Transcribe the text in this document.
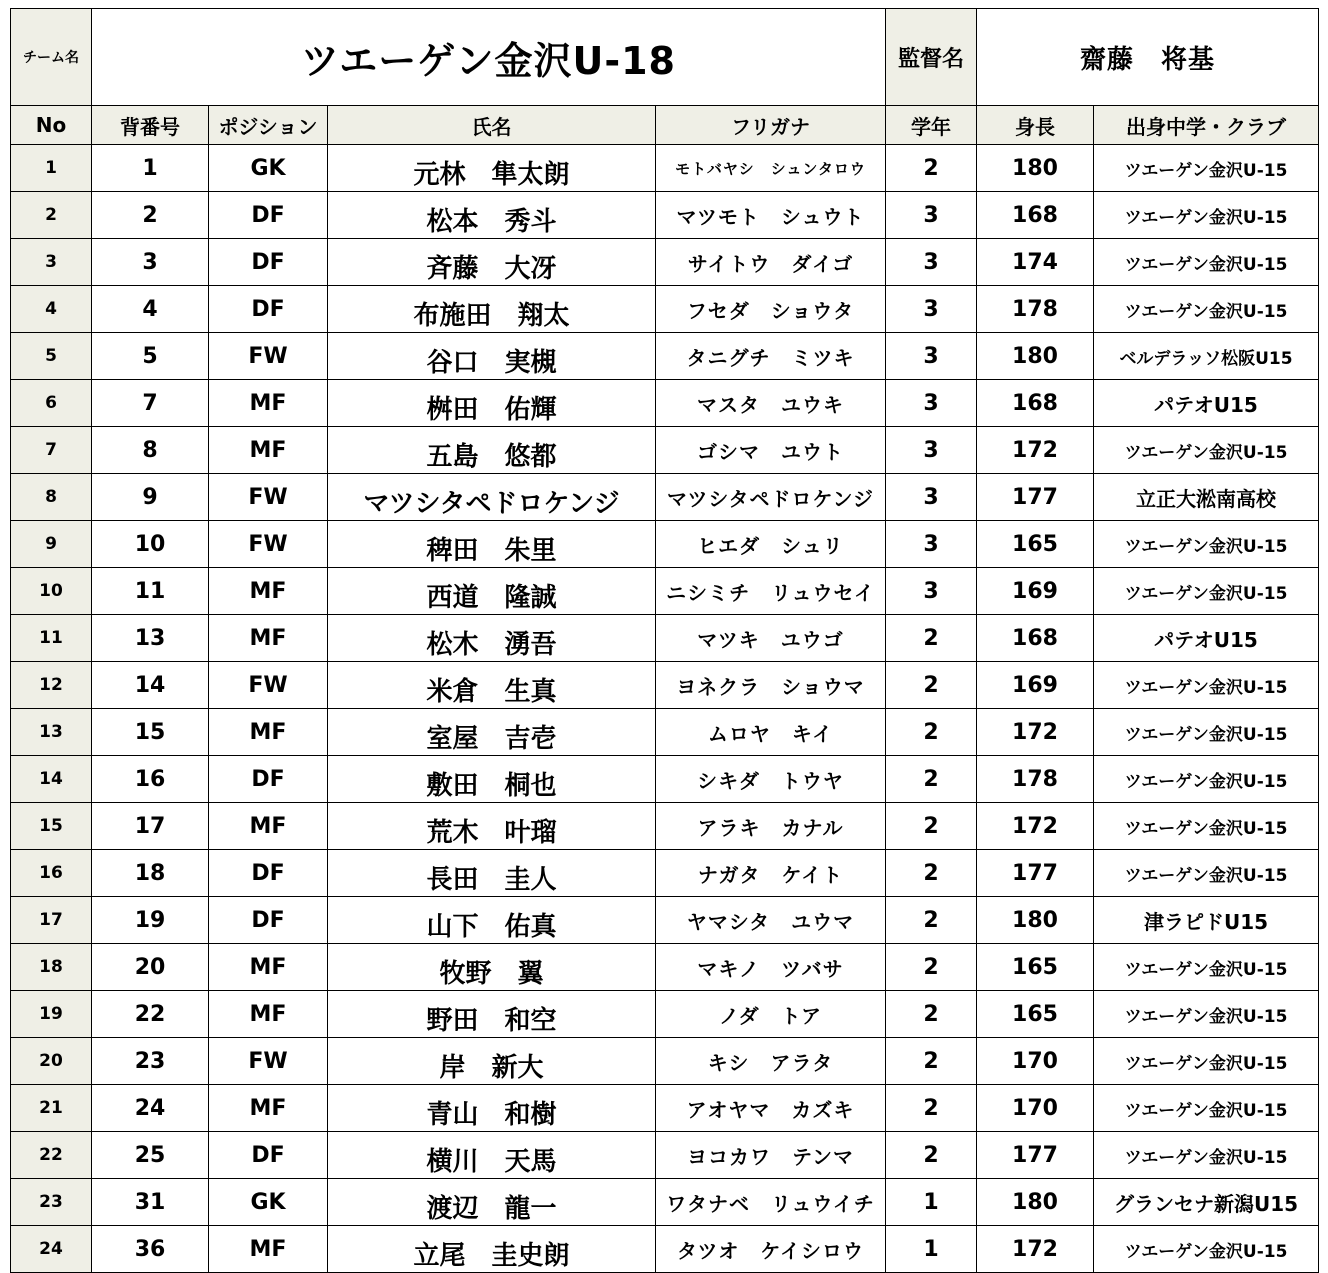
チーム名	ツエーゲン金沢U-18				監督名	齋藤　将基	
No	背番号	ポジション	氏名	フリガナ	学年	身長	出身中学・クラブ
1	1	GK	元林　隼太朗	モトバヤシ　シュンタロウ	2	180	ツエーゲン金沢U-15
2	2	DF	松本　秀斗	マツモト　シュウト	3	168	ツエーゲン金沢U-15
3	3	DF	斉藤　大冴	サイトウ　ダイゴ	3	174	ツエーゲン金沢U-15
4	4	DF	布施田　翔太	フセダ　ショウタ	3	178	ツエーゲン金沢U-15
5	5	FW	谷口　実槻	タニグチ　ミツキ	3	180	ベルデラッソ松阪U15
6	7	MF	桝田　佑輝	マスタ　ユウキ	3	168	パテオU15
7	8	MF	五島　悠都	ゴシマ　ユウト	3	172	ツエーゲン金沢U-15
8	9	FW	マツシタペドロケンジ	マツシタペドロケンジ	3	177	立正大淞南高校
9	10	FW	稗田　朱里	ヒエダ　シュリ	3	165	ツエーゲン金沢U-15
10	11	MF	西道　隆誠	ニシミチ　リュウセイ	3	169	ツエーゲン金沢U-15
11	13	MF	松木　湧吾	マツキ　ユウゴ	2	168	パテオU15
12	14	FW	米倉　生真	ヨネクラ　ショウマ	2	169	ツエーゲン金沢U-15
13	15	MF	室屋　吉壱	ムロヤ　キイ	2	172	ツエーゲン金沢U-15
14	16	DF	敷田　桐也	シキダ　トウヤ	2	178	ツエーゲン金沢U-15
15	17	MF	荒木　叶瑠	アラキ　カナル	2	172	ツエーゲン金沢U-15
16	18	DF	長田　圭人	ナガタ　ケイト	2	177	ツエーゲン金沢U-15
17	19	DF	山下　佑真	ヤマシタ　ユウマ	2	180	津ラピドU15
18	20	MF	牧野　翼	マキノ　ツバサ	2	165	ツエーゲン金沢U-15
19	22	MF	野田　和空	ノダ　トア	2	165	ツエーゲン金沢U-15
20	23	FW	岸　新大	キシ　アラタ	2	170	ツエーゲン金沢U-15
21	24	MF	青山　和樹	アオヤマ　カズキ	2	170	ツエーゲン金沢U-15
22	25	DF	横川　天馬	ヨコカワ　テンマ	2	177	ツエーゲン金沢U-15
23	31	GK	渡辺　龍一	ワタナベ　リュウイチ	1	180	グランセナ新潟U15
24	36	MF	立尾　圭史朗	タツオ　ケイシロウ	1	172	ツエーゲン金沢U-15
